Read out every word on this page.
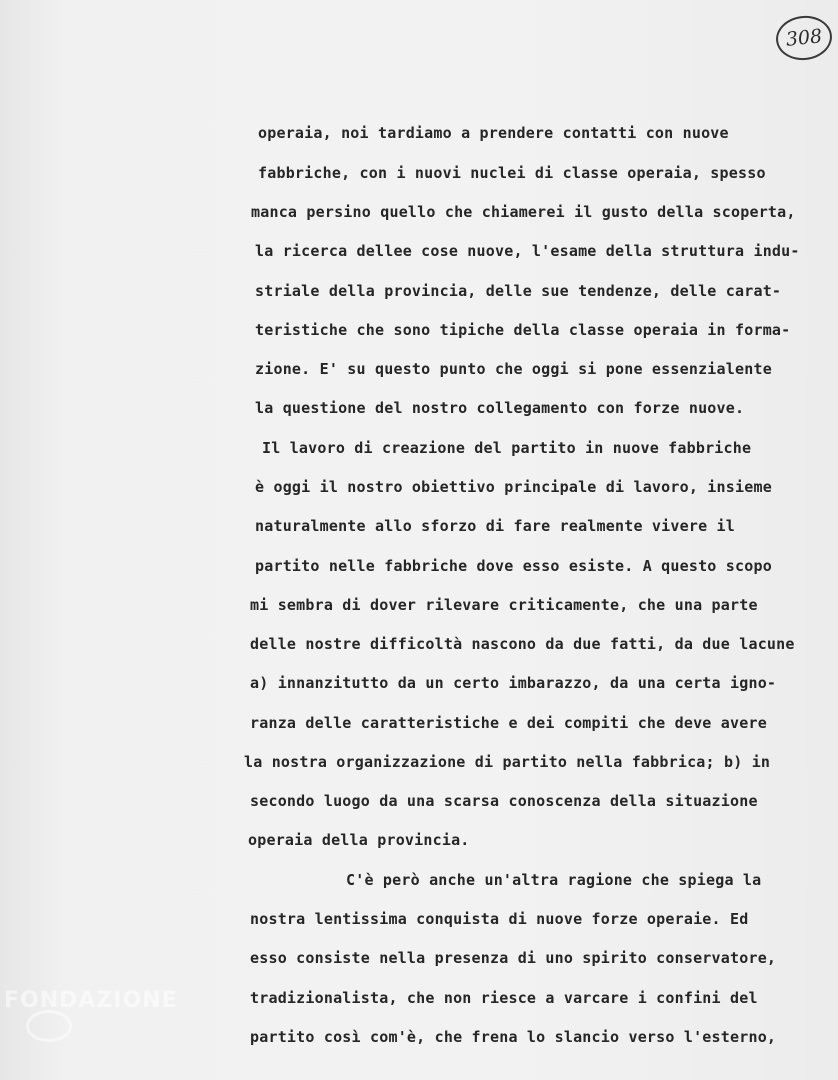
308
operaia, noi tardiamo a prendere contatti con nuove
fabbriche, con i nuovi nuclei di classe operaia, spesso
manca persino quello che chiamerei il gusto della scoperta,
la ricerca dellee cose nuove, l'esame della struttura indu-
striale della provincia, delle sue tendenze, delle carat-
teristiche che sono tipiche della classe operaia in forma-
zione. E' su questo punto che oggi si pone essenzialente
la questione del nostro collegamento con forze nuove.
Il lavoro di creazione del partito in nuove fabbriche
è oggi il nostro obiettivo principale di lavoro, insieme
naturalmente allo sforzo di fare realmente vivere il
partito nelle fabbriche dove esso esiste. A questo scopo
mi sembra di dover rilevare criticamente, che una parte
delle nostre difficoltà nascono da due fatti, da due lacune
a) innanzitutto da un certo imbarazzo, da una certa igno-
ranza delle caratteristiche e dei compiti che deve avere
la nostra organizzazione di partito nella fabbrica; b) in
secondo luogo da una scarsa conoscenza della situazione
operaia della provincia.
C'è però anche un'altra ragione che spiega la
nostra lentissima conquista di nuove forze operaie. Ed
esso consiste nella presenza di uno spirito conservatore,
tradizionalista, che non riesce a varcare i confini del
partito così com'è, che frena lo slancio verso l'esterno,
FONDAZIONE
